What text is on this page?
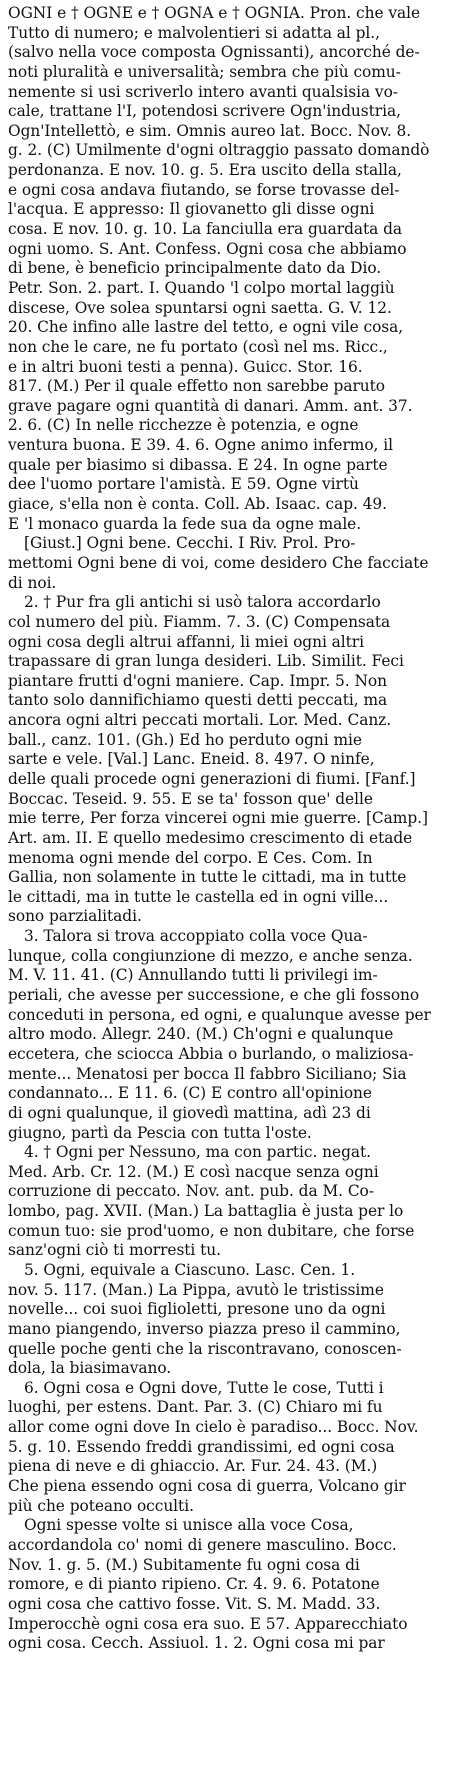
OGNI e † OGNE e † OGNA e † OGNIA. Pron. che vale
Tutto di numero; e malvolentieri si adatta al pl.,
(salvo nella voce composta Ognissanti), ancorché de-
noti pluralità e universalità; sembra che più comu-
nemente si usi scriverlo intero avanti qualsisia vo-
cale, trattane l'I, potendosi scrivere Ogn'industria,
Ogn'Intellettò, e sim. Omnis aureo lat. Bocc. Nov. 8.
g. 2. (C) Umilmente d'ogni oltraggio passato domandò
perdonanza. E nov. 10. g. 5. Era uscito della stalla,
e ogni cosa andava fiutando, se forse trovasse del-
l'acqua. E appresso: Il giovanetto gli disse ogni
cosa. E nov. 10. g. 10. La fanciulla era guardata da
ogni uomo. S. Ant. Confess. Ogni cosa che abbiamo
di bene, è beneficio principalmente dato da Dio.
Petr. Son. 2. part. I. Quando 'l colpo mortal laggiù
discese, Ove solea spuntarsi ogni saetta. G. V. 12.
20. Che infino alle lastre del tetto, e ogni vile cosa,
non che le care, ne fu portato (così nel ms. Ricc.,
e in altri buoni testi a penna). Guicc. Stor. 16.
817. (M.) Per il quale effetto non sarebbe paruto
grave pagare ogni quantità di danari. Amm. ant. 37.
2. 6. (C) In nelle ricchezze è potenzia, e ogne
ventura buona. E 39. 4. 6. Ogne animo infermo, il
quale per biasimo si dibassa. E 24. In ogne parte
dee l'uomo portare l'amistà. E 59. Ogne virtù
giace, s'ella non è conta. Coll. Ab. Isaac. cap. 49.
E 'l monaco guarda la fede sua da ogne male.
[Giust.] Ogni bene. Cecchi. I Riv. Prol. Pro-
mettomi Ogni bene di voi, come desidero Che facciate
di noi.
2. † Pur fra gli antichi si usò talora accordarlo
col numero del più. Fiamm. 7. 3. (C) Compensata
ogni cosa degli altrui affanni, li miei ogni altri
trapassare di gran lunga desideri. Lib. Similit. Feci
piantare frutti d'ogni maniere. Cap. Impr. 5. Non
tanto solo dannifichiamo questi detti peccati, ma
ancora ogni altri peccati mortali. Lor. Med. Canz.
ball., canz. 101. (Gh.) Ed ho perduto ogni mie
sarte e vele. [Val.] Lanc. Eneid. 8. 497. O ninfe,
delle quali procede ogni generazioni di fiumi. [Fanf.]
Boccac. Teseid. 9. 55. E se ta' fosson que' delle
mie terre, Per forza vincerei ogni mie guerre. [Camp.]
Art. am. II. E quello medesimo crescimento di etade
menoma ogni mende del corpo. E Ces. Com. In
Gallia, non solamente in tutte le cittadi, ma in tutte
le cittadi, ma in tutte le castella ed in ogni ville...
sono parzialitadi.
3. Talora si trova accoppiato colla voce Qua-
lunque, colla congiunzione di mezzo, e anche senza.
M. V. 11. 41. (C) Annullando tutti li privilegi im-
periali, che avesse per successione, e che gli fossono
conceduti in persona, ed ogni, e qualunque avesse per
altro modo. Allegr. 240. (M.) Ch'ogni e qualunque
eccetera, che sciocca Abbia o burlando, o maliziosa-
mente... Menatosi per bocca Il fabbro Siciliano; Sia
condannato... E 11. 6. (C) E contro all'opinione
di ogni qualunque, il giovedì mattina, adì 23 di
giugno, partì da Pescia con tutta l'oste.
4. † Ogni per Nessuno, ma con partic. negat.
Med. Arb. Cr. 12. (M.) E così nacque senza ogni
corruzione di peccato. Nov. ant. pub. da M. Co-
lombo, pag. XVII. (Man.) La battaglia è justa per lo
comun tuo: sie prod'uomo, e non dubitare, che forse
sanz'ogni ciò ti morresti tu.
5. Ogni, equivale a Ciascuno. Lasc. Cen. 1.
nov. 5. 117. (Man.) La Pippa, avutò le tristissime
novelle... coi suoi figlioletti, presone uno da ogni
mano piangendo, inverso piazza preso il cammino,
quelle poche genti che la riscontravano, conoscen-
dola, la biasimavano.
6. Ogni cosa e Ogni dove, Tutte le cose, Tutti i
luoghi, per estens. Dant. Par. 3. (C) Chiaro mi fu
allor come ogni dove In cielo è paradiso... Bocc. Nov.
5. g. 10. Essendo freddi grandissimi, ed ogni cosa
piena di neve e di ghiaccio. Ar. Fur. 24. 43. (M.)
Che piena essendo ogni cosa di guerra, Volcano gir
più che poteano occulti.
Ogni spesse volte si unisce alla voce Cosa,
accordandola co' nomi di genere masculino. Bocc.
Nov. 1. g. 5. (M.) Subitamente fu ogni cosa di
romore, e di pianto ripieno. Cr. 4. 9. 6. Potatone
ogni cosa che cattivo fosse. Vit. S. M. Madd. 33.
Imperocchè ogni cosa era suo. E 57. Apparecchiato
ogni cosa. Cecch. Assiuol. 1. 2. Ogni cosa mi par
